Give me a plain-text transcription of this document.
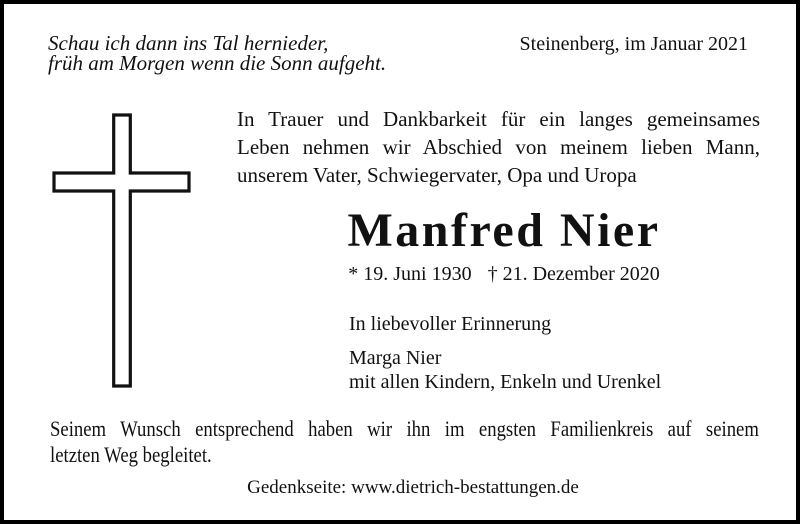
Schau ich dann ins Tal hernieder,
früh am Morgen wenn die Sonn aufgeht.
Steinenberg, im Januar 2021
In Trauer und Dankbarkeit für ein langes gemeinsames
Leben nehmen wir Abschied von meinem lieben Mann,
unserem Vater, Schwiegervater, Opa und Uropa
Manfred Nier
* 19. Juni 1930 † 21. Dezember 2020
In liebevoller Erinnerung
Marga Nier
mit allen Kindern, Enkeln und Urenkel
Seinem Wunsch entsprechend haben wir ihn im engsten Familienkreis auf seinem
letzten Weg begleitet.
Gedenkseite: www.dietrich-bestattungen.de
